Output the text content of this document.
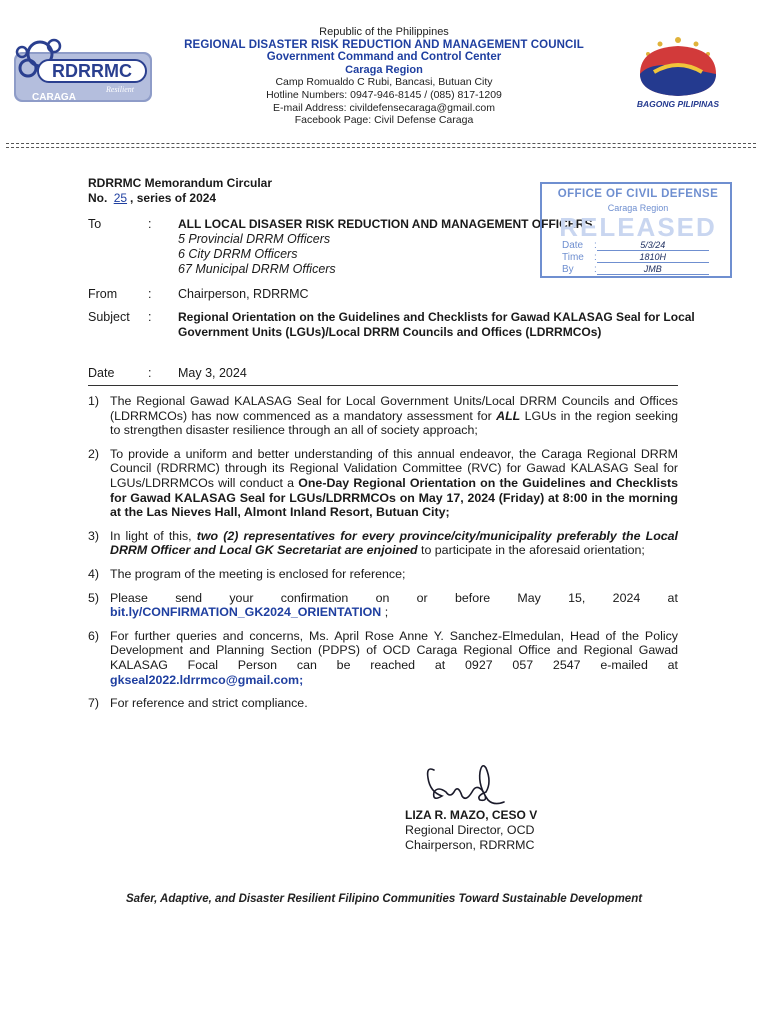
RDRRMC
Resilient
CARAGA
Republic of the Philippines
REGIONAL DISASTER RISK REDUCTION AND MANAGEMENT COUNCIL
Government Command and Control Center
Caraga Region
Camp Romualdo C Rubi, Bancasi, Butuan City
Hotline Numbers: 0947-946-8145 / (085) 817-1209
E-mail Address: civildefensecaraga@gmail.com
Facebook Page: Civil Defense Caraga
BAGONG PILIPINAS
RDRRMC Memorandum Circular
No. 25 , series of 2024
To	: ALL LOCAL DISASER RISK REDUCTION AND MANAGEMENT OFFICERS
5 Provincial DRRM Officers
6 City DRRM Officers
67 Municipal DRRM Officers
From	: Chairperson, RDRRMC
Subject	: Regional Orientation on the Guidelines and Checklists for Gawad KALASAG Seal for Local Government Units (LGUs)/Local DRRM Councils and Offices (LDRRMCOs)
Date	: May 3, 2024
OFFICE OF CIVIL DEFENSE
Caraga Region
RELEASED
Date :	5/3/24
Time :	1810H
By :	JMB
1) The Regional Gawad KALASAG Seal for Local Government Units/Local DRRM Councils and Offices (LDRRMCOs) has now commenced as a mandatory assessment for ALL LGUs in the region seeking to strengthen disaster resilience through an all of society approach;
2) To provide a uniform and better understanding of this annual endeavor, the Caraga Regional DRRM Council (RDRRMC) through its Regional Validation Committee (RVC) for Gawad KALASAG Seal for LGUs/LDRRMCOs will conduct a One-Day Regional Orientation on the Guidelines and Checklists for Gawad KALASAG Seal for LGUs/LDRRMCOs on May 17, 2024 (Friday) at 8:00 in the morning at the Las Nieves Hall, Almont Inland Resort, Butuan City;
3) In light of this, two (2) representatives for every province/city/municipality preferably the Local DRRM Officer and Local GK Secretariat are enjoined to participate in the aforesaid orientation;
4) The program of the meeting is enclosed for reference;
5) Please send your confirmation on or before May 15, 2024 at
bit.ly/CONFIRMATION_GK2024_ORIENTATION ;
6) For further queries and concerns, Ms. April Rose Anne Y. Sanchez-Elmedulan, Head of the Policy Development and Planning Section (PDPS) of OCD Caraga Regional Office and Regional Gawad KALASAG Focal Person can be reached at 0927 057 2547 e-mailed at gkseal2022.ldrrmco@gmail.com;
7) For reference and strict compliance.
LIZA R. MAZO, CESO V
Regional Director, OCD
Chairperson, RDRRMC
Safer, Adaptive, and Disaster Resilient Filipino Communities Toward Sustainable Development
